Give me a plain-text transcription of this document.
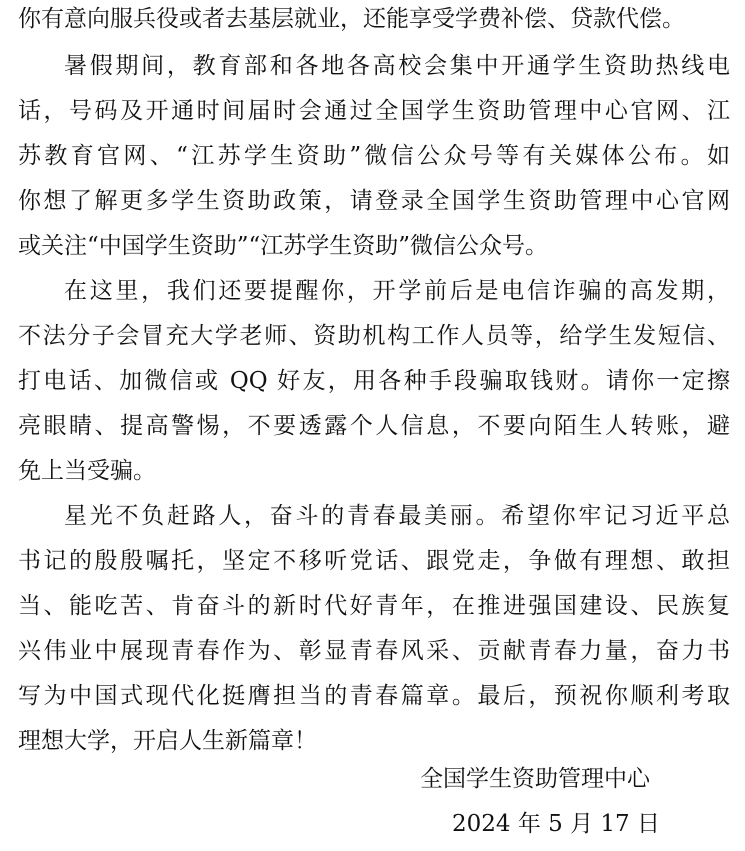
你有意向服兵役或者去基层就业，还能享受学费补偿、贷款代偿。
暑假期间，教育部和各地各高校会集中开通学生资助热线电
话，号码及开通时间届时会通过全国学生资助管理中心官网、江
苏教育官网、“江苏学生资助”微信公众号等有关媒体公布。如
你想了解更多学生资助政策，请登录全国学生资助管理中心官网
或关注“中国学生资助”“江苏学生资助”微信公众号。
在这里，我们还要提醒你，开学前后是电信诈骗的高发期，
不法分子会冒充大学老师、资助机构工作人员等，给学生发短信、
打电话、加微信或 QQ 好友，用各种手段骗取钱财。请你一定擦
亮眼睛、提高警惕，不要透露个人信息，不要向陌生人转账，避
免上当受骗。
星光不负赶路人，奋斗的青春最美丽。希望你牢记习近平总
书记的殷殷嘱托，坚定不移听党话、跟党走，争做有理想、敢担
当、能吃苦、肯奋斗的新时代好青年，在推进强国建设、民族复
兴伟业中展现青春作为、彰显青春风采、贡献青春力量，奋力书
写为中国式现代化挺膺担当的青春篇章。最后，预祝你顺利考取
理想大学，开启人生新篇章！
全国学生资助管理中心
2024 年 5 月 17 日
